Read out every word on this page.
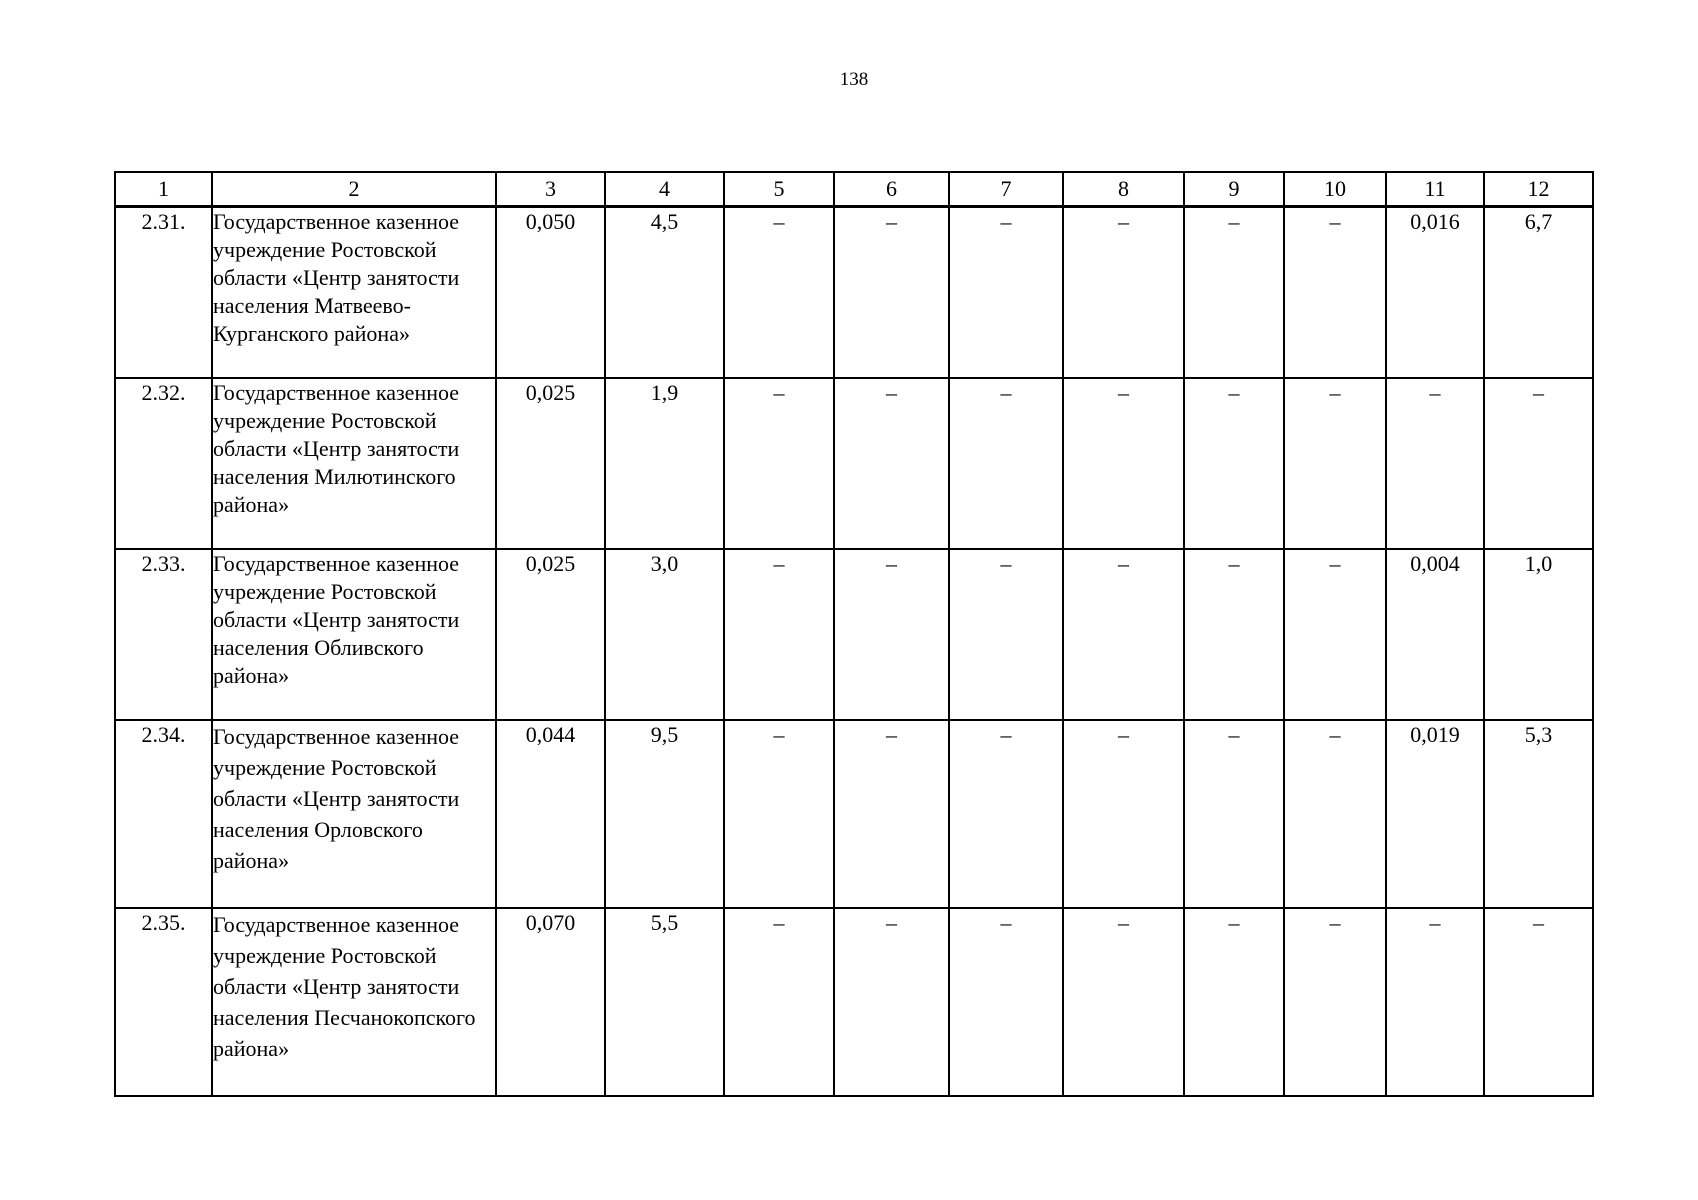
138
1	2	3	4	5	6	7	8	9	10	11	12
2.31.	Государственное казенное учреждение Ростовской области «Центр занятости населения Матвеево-Курганского района»	0,050	4,5	–	–	–	–	–	–	0,016	6,7
2.32.	Государственное казенное учреждение Ростовской области «Центр занятости населения Милютинского района»	0,025	1,9	–	–	–	–	–	–	–	–
2.33.	Государственное казенное учреждение Ростовской области «Центр занятости населения Обливского района»	0,025	3,0	–	–	–	–	–	–	0,004	1,0
2.34.	Государственное казенное учреждение Ростовской области «Центр занятости населения Орловского района»	0,044	9,5	–	–	–	–	–	–	0,019	5,3
2.35.	Государственное казенное учреждение Ростовской области «Центр занятости населения Песчанокопского района»	0,070	5,5	–	–	–	–	–	–	–	–
